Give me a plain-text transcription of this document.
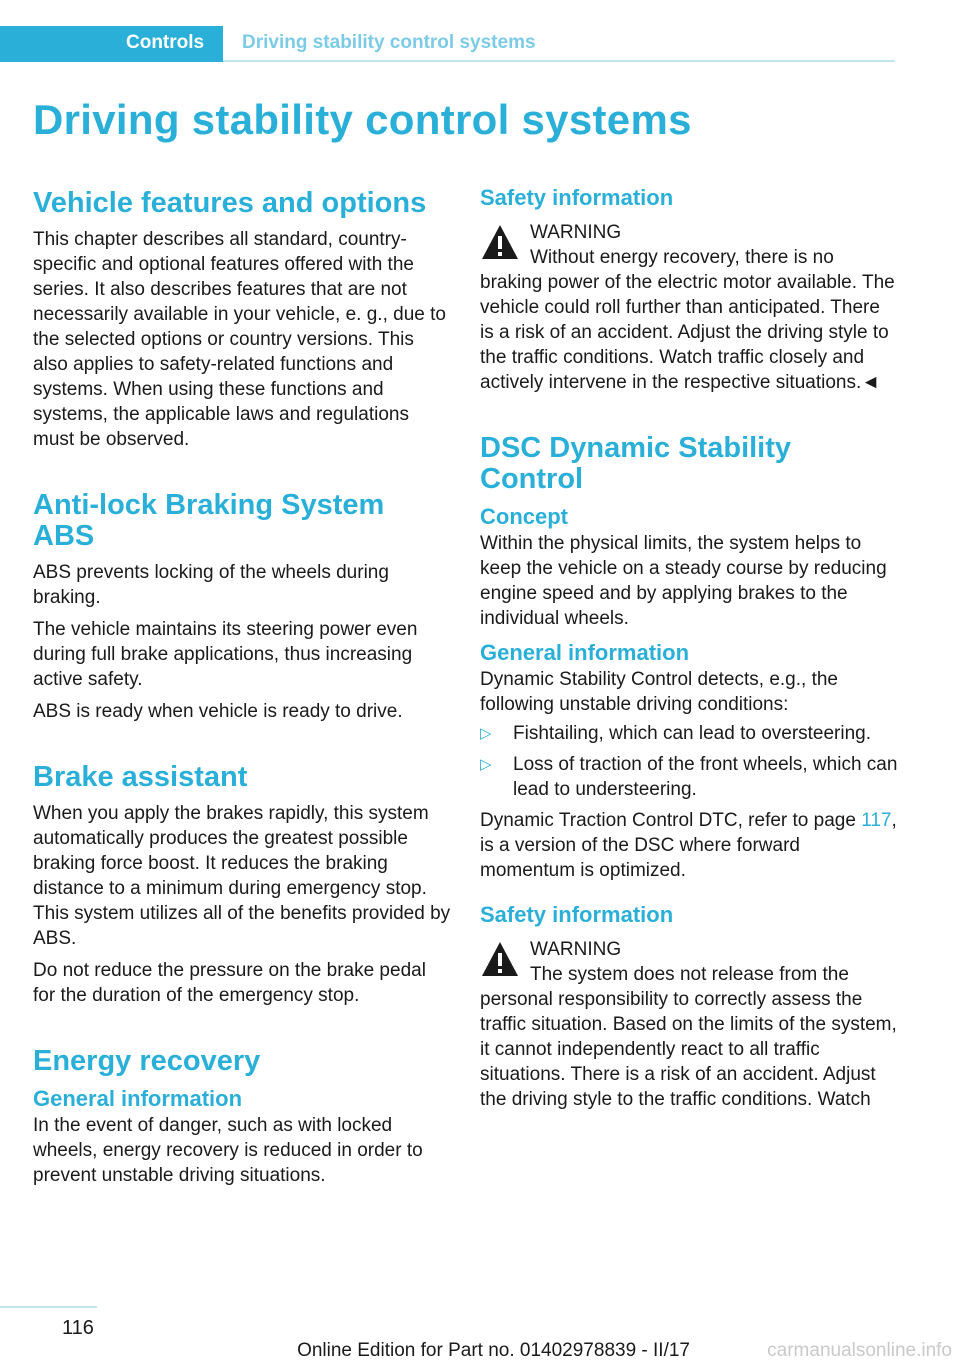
Controls Driving stability control systems
Driving stability control systems
Vehicle features and options

This chapter describes all standard, country-specific and optional features offered with the series. It also describes features that are not necessarily available in your vehicle, e. g., due to the selected options or country versions. This also applies to safety-related functions and systems. When using these functions and systems, the applicable laws and regulations must be observed.

Anti-lock Braking System ABS

ABS prevents locking of the wheels during braking.

The vehicle maintains its steering power even during full brake applications, thus increasing active safety.

ABS is ready when vehicle is ready to drive.

Brake assistant

When you apply the brakes rapidly, this system automatically produces the greatest possible braking force boost. It reduces the braking distance to a minimum during emergency stop. This system utilizes all of the benefits provided by ABS.

Do not reduce the pressure on the brake pedal for the duration of the emergency stop.

Energy recovery
General information

In the event of danger, such as with locked wheels, energy recovery is reduced in order to prevent unstable driving situations.

Safety information

WARNING

Without energy recovery, there is no braking power of the electric motor available. The vehicle could roll further than anticipated. There is a risk of an accident. Adjust the driving style to the traffic conditions. Watch traffic closely and actively intervene in the respective situations.◄

DSC Dynamic Stability Control
Concept

Within the physical limits, the system helps to keep the vehicle on a steady course by reducing engine speed and by applying brakes to the individual wheels.

General information

Dynamic Stability Control detects, e.g., the following unstable driving conditions:

▷ Fishtailing, which can lead to oversteering.
▷ Loss of traction of the front wheels, which can lead to understeering.

Dynamic Traction Control DTC, refer to page 117, is a version of the DSC where forward momentum is optimized.

Safety information

WARNING

The system does not release from the personal responsibility to correctly assess the traffic situation. Based on the limits of the system, it cannot independently react to all traffic situations. There is a risk of an accident. Adjust the driving style to the traffic conditions. Watch

116
Online Edition for Part no. 01402978839 - II/17	carmanualsonline.info
